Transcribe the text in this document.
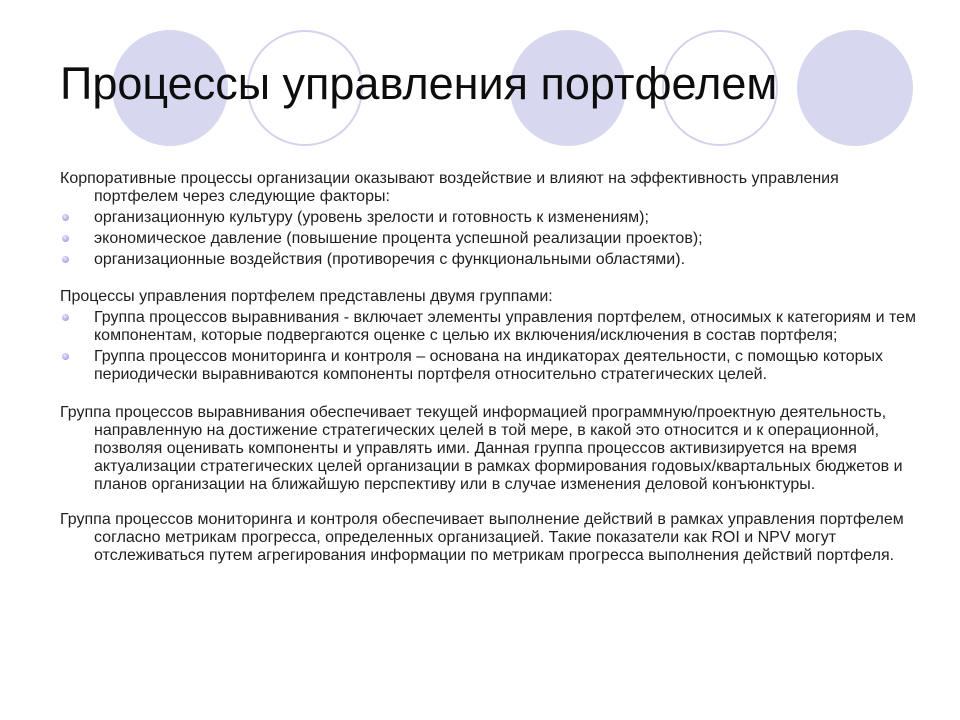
Процессы управления портфелем

Корпоративные процессы организации оказывают воздействие и влияют на эффективность управления портфелем через следующие факторы:

организационную культуру (уровень зрелости и готовность к изменениям);
экономическое давление (повышение процента успешной реализации проектов);
организационные воздействия (противоречия с функциональными областями).

Процессы управления портфелем представлены двумя группами:

Группа процессов выравнивания - включает элементы управления портфелем, относимых к категориям и тем компонентам, которые подвергаются оценке с целью их включения/исключения в состав портфеля;
Группа процессов мониторинга и контроля – основана на индикаторах деятельности, с помощью которых периодически выравниваются компоненты портфеля относительно стратегических целей.

Группа процессов выравнивания обеспечивает текущей информацией программную/проектную деятельность, направленную на достижение стратегических целей в той мере, в какой это относится и к операционной, позволяя оценивать компоненты и управлять ими. Данная группа процессов активизируется на время актуализации стратегических целей организации в рамках формирования годовых/квартальных бюджетов и планов организации на ближайшую перспективу или в случае изменения деловой конъюнктуры.

Группа процессов мониторинга и контроля обеспечивает выполнение действий в рамках управления портфелем согласно метрикам прогресса, определенных организацией. Такие показатели как ROI и NPV могут отслеживаться путем агрегирования информации по метрикам прогресса выполнения действий портфеля.
